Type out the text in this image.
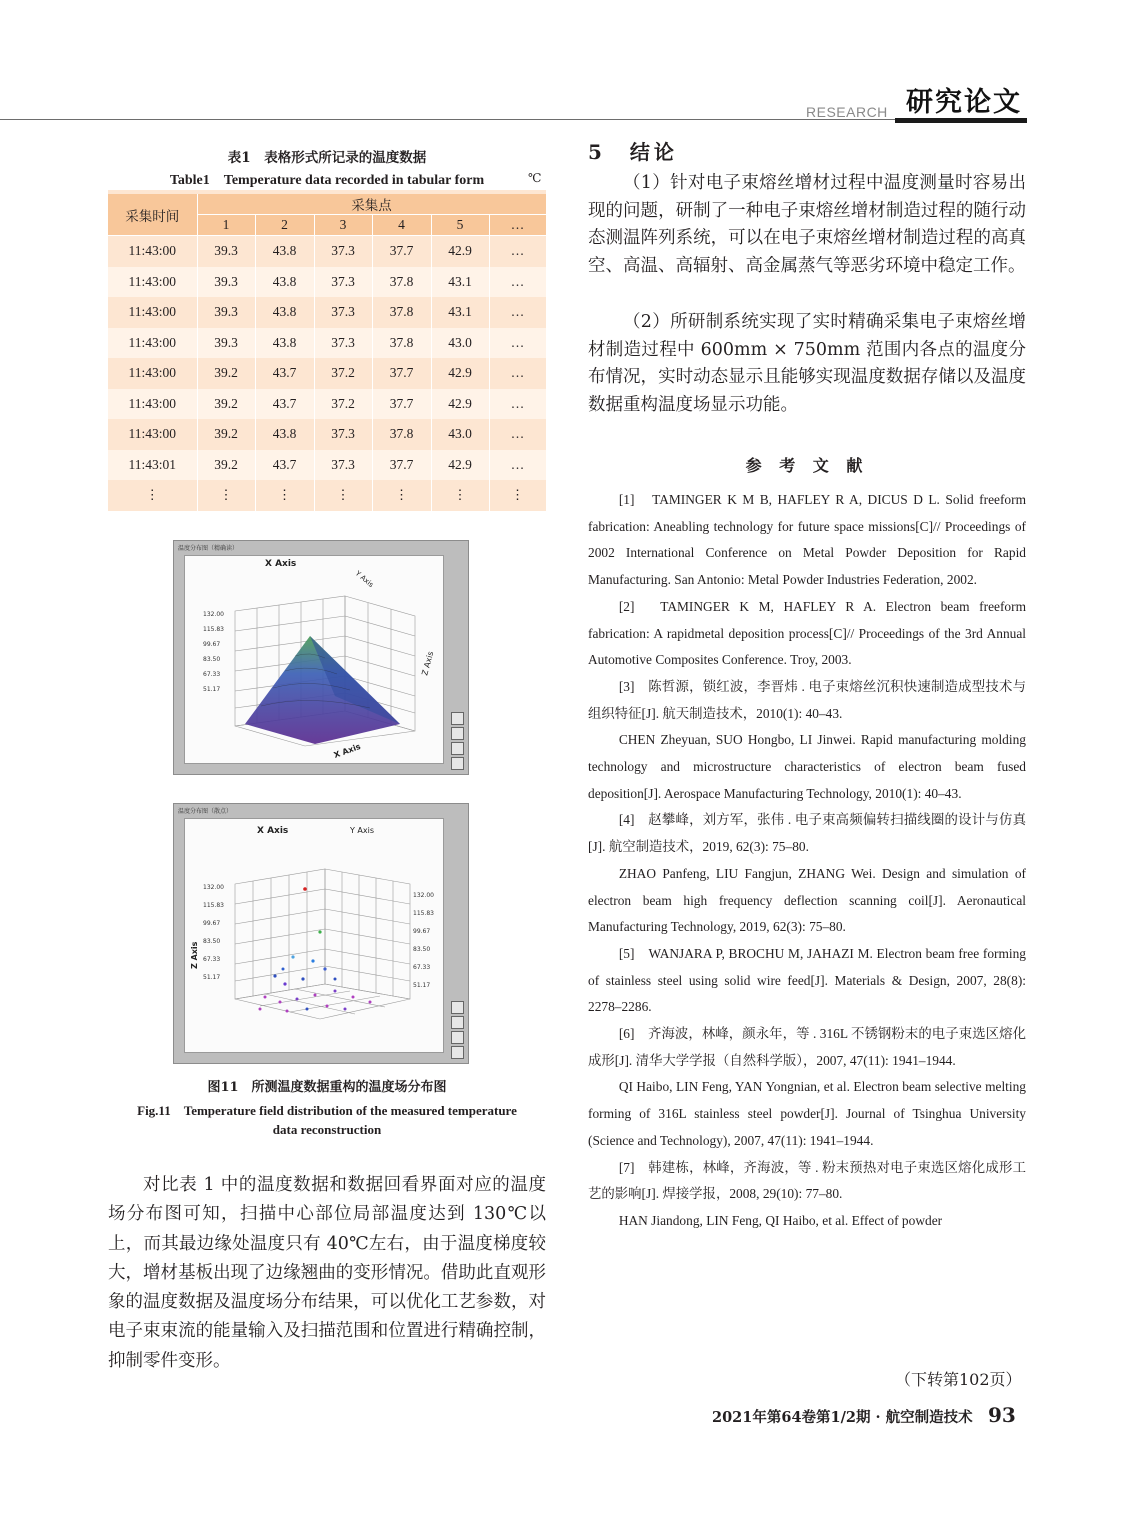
RESEARCH 研究论文
表1　表格形式所记录的温度数据
Table1　Temperature data recorded in tabular form	℃

采集时间	采集点					
	1	2	3	4	5	…
11:43:00	39.3	43.8	37.3	37.7	42.9	…
11:43:00	39.3	43.8	37.3	37.8	43.1	…
11:43:00	39.3	43.8	37.3	37.8	43.1	…
11:43:00	39.3	43.8	37.3	37.8	43.0	…
11:43:00	39.2	43.7	37.2	37.7	42.9	…
11:43:00	39.2	43.7	37.2	37.7	42.9	…
11:43:00	39.2	43.8	37.3	37.8	43.0	…
11:43:01	39.2	43.7	37.3	37.7	42.9	…
⋮	⋮	⋮	⋮	⋮	⋮	⋮
温度分布图（精确读）
132.00
115.83
99.67
83.50
67.33
51.17
X Axis
Y Axis
Z Axis
X Axis
温度分布图（散点）
132.00
115.83
99.67
83.50
67.33
51.17
132.00
115.83
99.67
83.50
67.33
51.17
X Axis	Y Axis
Z Axis
图11　所测温度数据重构的温度场分布图
Fig.11　Temperature field distribution of the measured temperature
data reconstruction
对比表 1 中的温度数据和数据回看界面对应的温度场分布图可知，扫描中心部位局部温度达到 130℃以上，而其最边缘处温度只有 40℃左右，由于温度梯度较大，增材基板出现了边缘翘曲的变形情况。借助此直观形象的温度数据及温度场分布结果，可以优化工艺参数，对电子束束流的能量输入及扫描范围和位置进行精确控制，抑制零件变形。
5　结论
（1）针对电子束熔丝增材过程中温度测量时容易出现的问题，研制了一种电子束熔丝增材制造过程的随行动态测温阵列系统，可以在电子束熔丝增材制造过程的高真空、高温、高辐射、高金属蒸气等恶劣环境中稳定工作。
（2）所研制系统实现了实时精确采集电子束熔丝增材制造过程中 600mm × 750mm 范围内各点的温度分布情况，实时动态显示且能够实现温度数据存储以及温度数据重构温度场显示功能。
参 考 文 献

[1]　TAMINGER K M B, HAFLEY R A, DICUS D L. Solid freeform fabrication: Aneabling technology for future space missions[C]// Proceedings of 2002 International Conference on Metal Powder Deposition for Rapid Manufacturing. San Antonio: Metal Powder Industries Federation, 2002.

[2]　TAMINGER K M, HAFLEY R A. Electron beam freeform fabrication: A rapidmetal deposition process[C]// Proceedings of the 3rd Annual Automotive Composites Conference. Troy, 2003.

[3]　陈哲源，锁红波，李晋炜 . 电子束熔丝沉积快速制造成型技术与组织特征[J]. 航天制造技术，2010(1): 40–43.

CHEN Zheyuan, SUO Hongbo, LI Jinwei. Rapid manufacturing molding technology and microstructure characteristics of electron beam fused deposition[J]. Aerospace Manufacturing Technology, 2010(1): 40–43.

[4]　赵攀峰，刘方军，张伟 . 电子束高频偏转扫描线圈的设计与仿真[J]. 航空制造技术，2019, 62(3): 75–80.

ZHAO Panfeng, LIU Fangjun, ZHANG Wei. Design and simulation of electron beam high frequency deflection scanning coil[J]. Aeronautical Manufacturing Technology, 2019, 62(3): 75–80.

[5]　WANJARA P, BROCHU M, JAHAZI M. Electron beam free forming of stainless steel using solid wire feed[J]. Materials & Design, 2007, 28(8): 2278–2286.

[6]　齐海波，林峰，颜永年，等 . 316L 不锈钢粉末的电子束选区熔化成形[J]. 清华大学学报（自然科学版），2007, 47(11): 1941–1944.

QI Haibo, LIN Feng, YAN Yongnian, et al. Electron beam selective melting forming of 316L stainless steel powder[J]. Journal of Tsinghua University (Science and Technology), 2007, 47(11): 1941–1944.

[7]　韩建栋，林峰，齐海波，等 . 粉末预热对电子束选区熔化成形工艺的影响[J]. 焊接学报，2008, 29(10): 77–80.

HAN Jiandong, LIN Feng, QI Haibo, et al. Effect of powder

（下转第102页）
2021年第64卷第1/2期 · 航空制造技术 93
